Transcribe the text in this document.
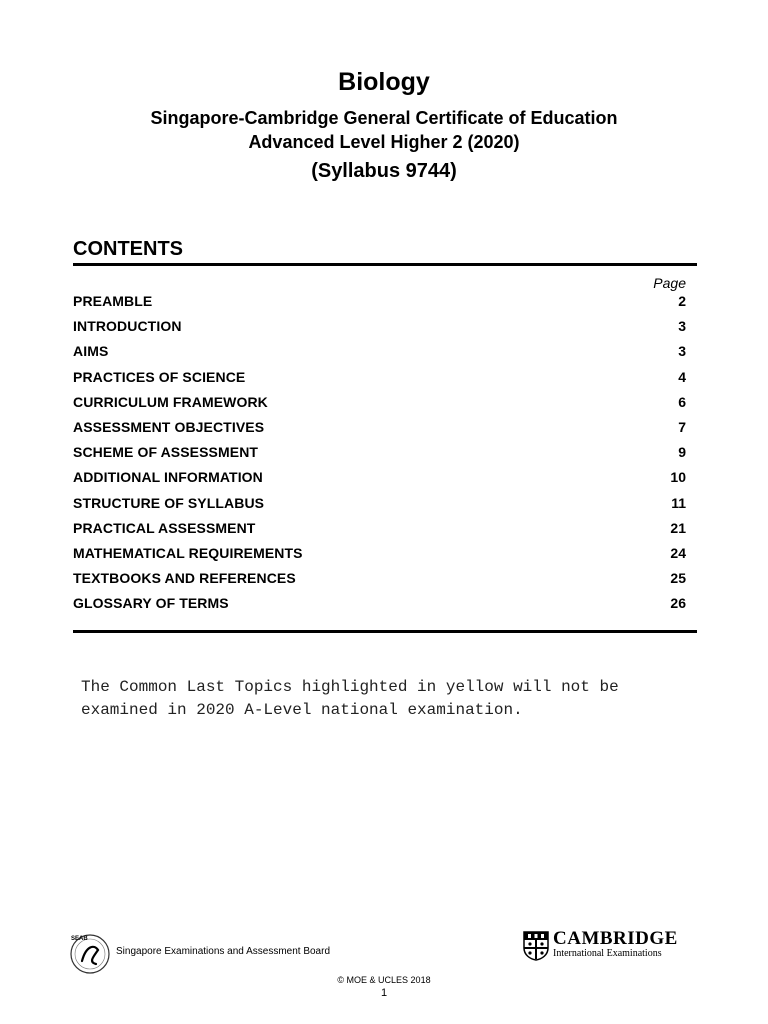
Biology
Singapore-Cambridge General Certificate of Education
Advanced Level Higher 2 (2020)
(Syllabus 9744)
CONTENTS
Page
PREAMBLE	2
INTRODUCTION	3
AIMS	3
PRACTICES OF SCIENCE	4
CURRICULUM FRAMEWORK	6
ASSESSMENT OBJECTIVES	7
SCHEME OF ASSESSMENT	9
ADDITIONAL INFORMATION	10
STRUCTURE OF SYLLABUS	11
PRACTICAL ASSESSMENT	21
MATHEMATICAL REQUIREMENTS	24
TEXTBOOKS AND REFERENCES	25
GLOSSARY OF TERMS	26
The Common Last Topics highlighted in yellow will not be
examined in 2020 A-Level national examination.
SEAB
Singapore Examinations and Assessment Board
CAMBRIDGE
International Examinations
© MOE & UCLES 2018
1
